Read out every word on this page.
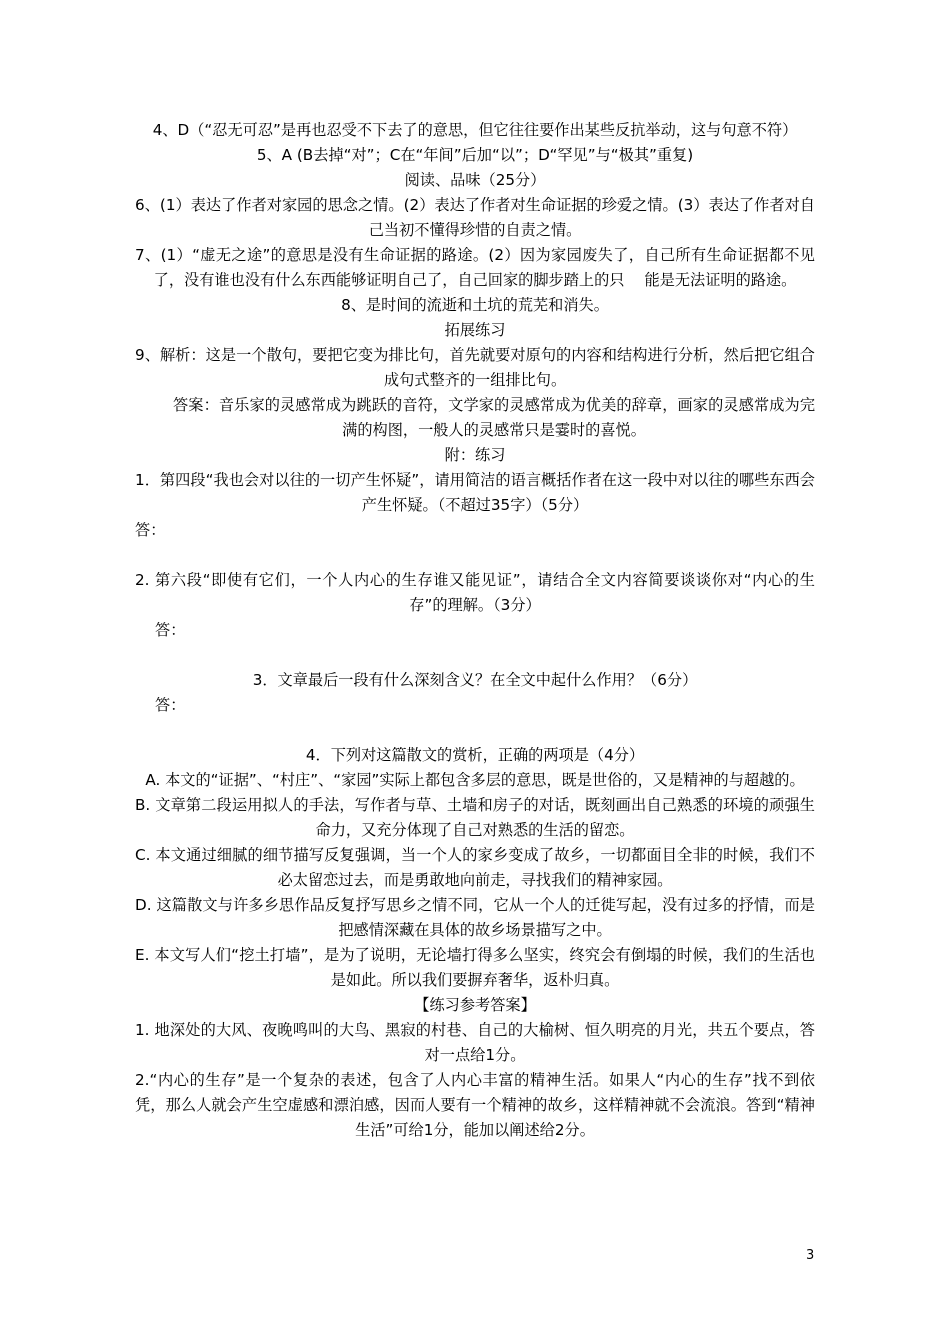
4、D（“忍无可忍”是再也忍受不下去了的意思，但它往往要作出某些反抗举动，这与句意不符）

5、A (B去掉“对”；C在“年间”后加“以”；D“罕见”与“极其”重复)

阅读、品味（25分）

6、(1）表达了作者对家园的思念之情。(2）表达了作者对生命证据的珍爱之情。(3）表达了作者对自己当初不懂得珍惜的自责之情。

7、(1）“虚无之途”的意思是没有生命证据的路途。(2）因为家园废失了，自己所有生命证据都不见了，没有谁也没有什么东西能够证明自己了，自己回家的脚步踏上的只　 能是无法证明的路途。

8、是时间的流逝和土坑的荒芜和消失。

拓展练习

9、解析：这是一个散句，要把它变为排比句，首先就要对原句的内容和结构进行分析，然后把它组合成句式整齐的一组排比句。

答案：音乐家的灵感常成为跳跃的音符，文学家的灵感常成为优美的辞章，画家的灵感常成为完满的构图，一般人的灵感常只是霎时的喜悦。

附：练习

1．第四段“我也会对以往的一切产生怀疑”，请用简洁的语言概括作者在这一段中对以往的哪些东西会产生怀疑。（不超过35字）（5分）

答：

2. 第六段“即使有它们，一个人内心的生存谁又能见证”，请结合全文内容简要谈谈你对“内心的生存”的理解。（3分）

答：

3．文章最后一段有什么深刻含义？在全文中起什么作用？（6分）

答：

4．下列对这篇散文的赏析，正确的两项是（4分）

A. 本文的“证据”、“村庄”、“家园”实际上都包含多层的意思，既是世俗的，又是精神的与超越的。

B. 文章第二段运用拟人的手法，写作者与草、土墙和房子的对话，既刻画出自己熟悉的环境的顽强生命力，又充分体现了自己对熟悉的生活的留恋。

C. 本文通过细腻的细节描写反复强调，当一个人的家乡变成了故乡，一切都面目全非的时候，我们不必太留恋过去，而是勇敢地向前走，寻找我们的精神家园。

D. 这篇散文与许多乡思作品反复抒写思乡之情不同，它从一个人的迁徙写起，没有过多的抒情，而是把感情深藏在具体的故乡场景描写之中。

E. 本文写人们“挖土打墙”，是为了说明，无论墙打得多么坚实，终究会有倒塌的时候，我们的生活也是如此。所以我们要摒弃奢华，返朴归真。

【练习参考答案】

1. 地深处的大风、夜晚鸣叫的大鸟、黑寂的村巷、自己的大榆树、恒久明亮的月光，共五个要点，答对一点给1分。

2.“内心的生存”是一个复杂的表述，包含了人内心丰富的精神生活。如果人“内心的生存”找不到依凭，那么人就会产生空虚感和漂泊感，因而人要有一个精神的故乡，这样精神就不会流浪。答到“精神生活”可给1分，能加以阐述给2分。

3
